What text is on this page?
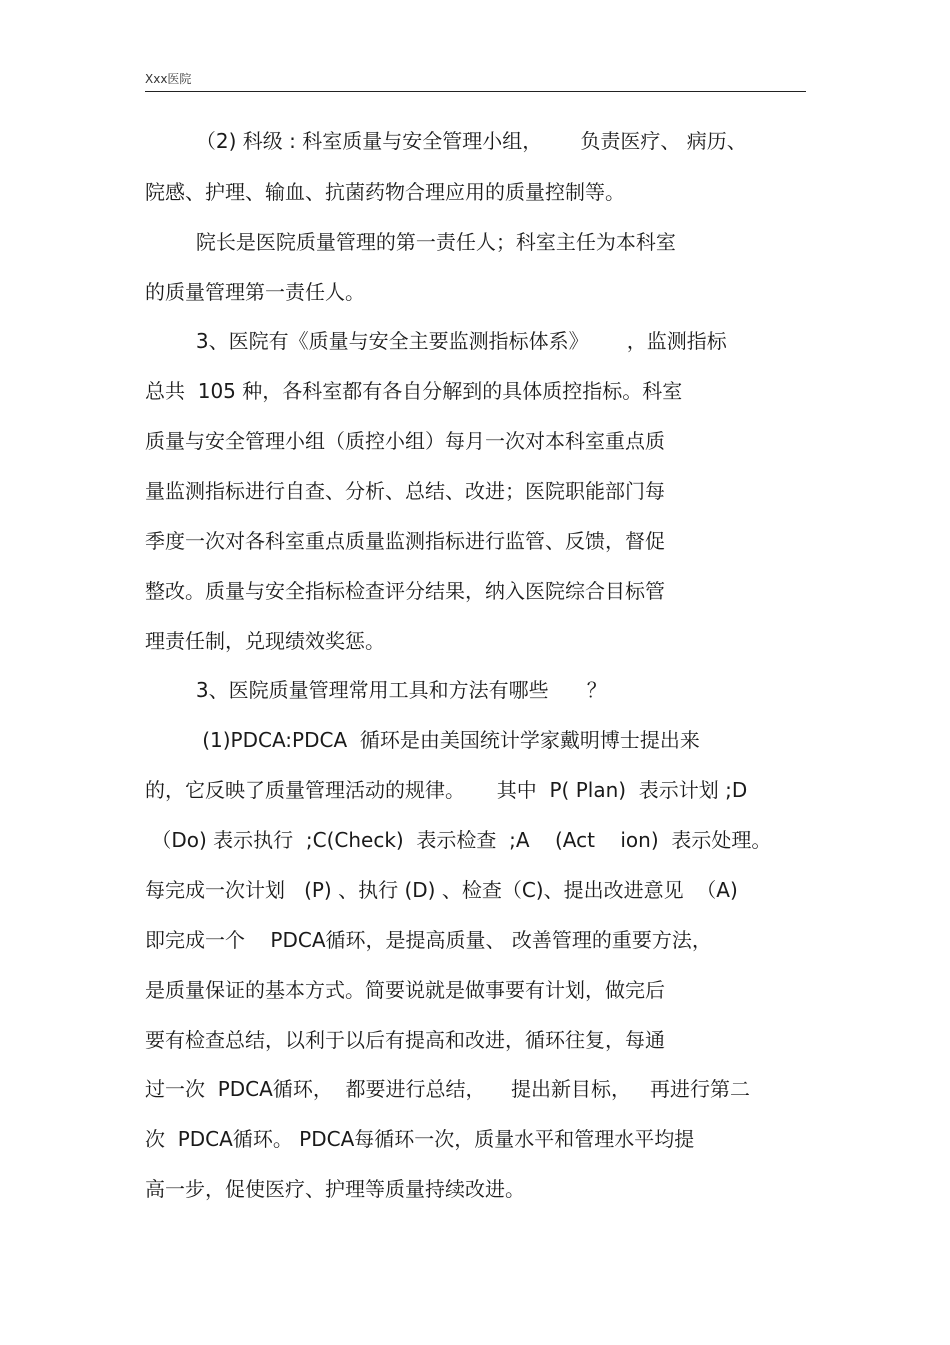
Xxx医院
（2) 科级 : 科室质量与安全管理小组，      负责医疗、 病历、
院感、护理、输血、抗菌药物合理应用的质量控制等。
院长是医院质量管理的第一责任人；科室主任为本科室
的质量管理第一责任人。
3、医院有《质量与安全主要监测指标体系》      ，监测指标
总共  105 种，各科室都有各自分解到的具体质控指标。科室
质量与安全管理小组（质控小组）每月一次对本科室重点质
量监测指标进行自查、分析、总结、改进；医院职能部门每
季度一次对各科室重点质量监测指标进行监管、反馈，督促
整改。质量与安全指标检查评分结果，纳入医院综合目标管
理责任制，兑现绩效奖惩。
3、医院质量管理常用工具和方法有哪些      ？
(1)PDCA:PDCA  循环是由美国统计学家戴明博士提出来
的，它反映了质量管理活动的规律。     其中  P( Plan)  表示计划 ;D
（Do) 表示执行  ;C(Check)  表示检查  ;A    (Act    ion)  表示处理。
每完成一次计划   (P) 、执行 (D) 、检查（C)、提出改进意见  （A)
即完成一个    PDCA循环，是提高质量、 改善管理的重要方法，
是质量保证的基本方式。简要说就是做事要有计划，做完后
要有检查总结，以利于以后有提高和改进，循环往复，每通
过一次  PDCA循环，  都要进行总结，    提出新目标，   再进行第二
次  PDCA循环。 PDCA每循环一次，质量水平和管理水平均提
高一步，促使医疗、护理等质量持续改进。
